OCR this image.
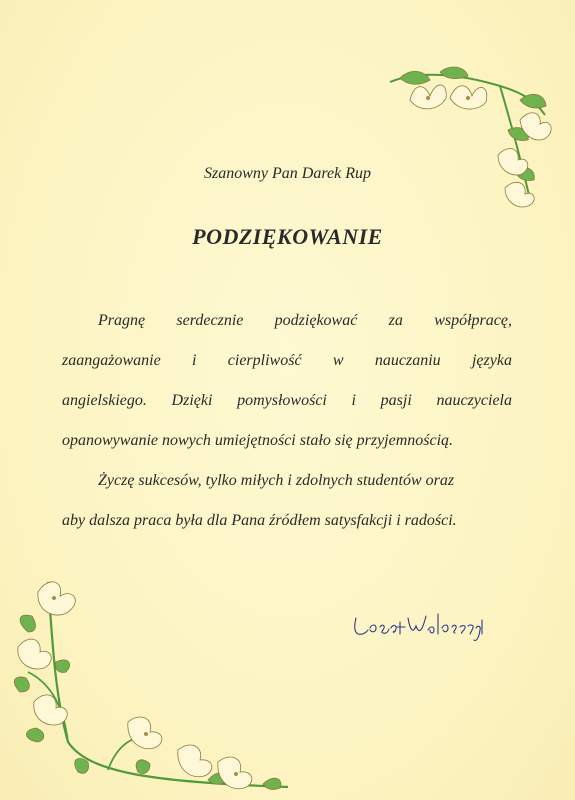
Szanowny Pan Darek Rup
PODZIĘKOWANIE
Pragnę serdecznie podziękować za współpracę,
zaangażowanie i cierpliwość w nauczaniu języka
angielskiego. Dzięki pomysłowości i pasji nauczyciela
opanowywanie nowych umiejętności stało się przyjemnością.
Życzę sukcesów, tylko miłych i zdolnych studentów oraz
aby dalsza praca była dla Pana źródłem satysfakcji i radości.
